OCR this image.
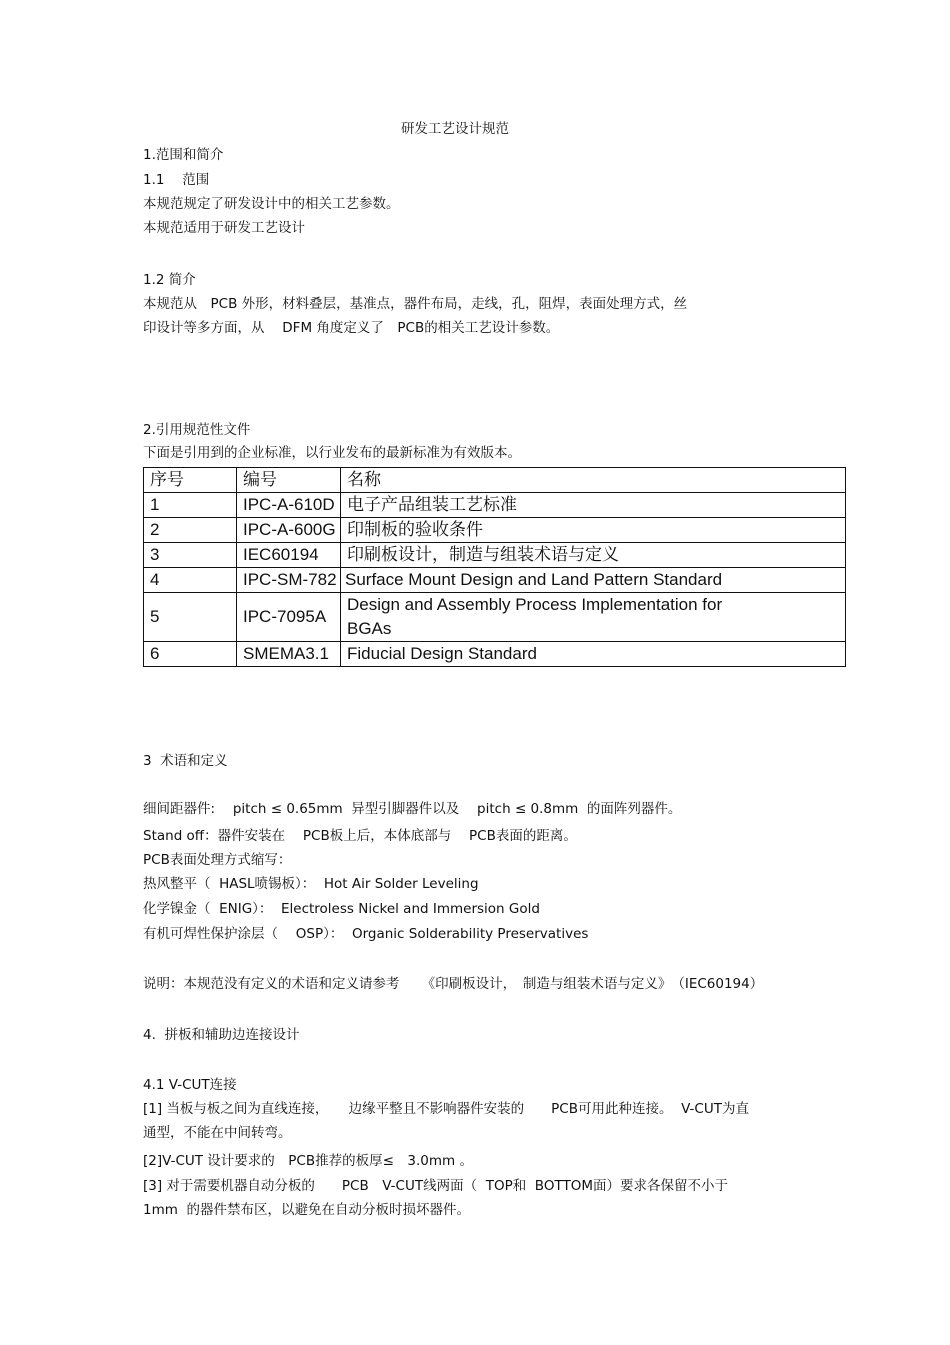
研发工艺设计规范
1.范围和简介
1.1 　范围
本规范规定了研发设计中的相关工艺参数。
本规范适用于研发工艺设计
1.2 简介
本规范从　PCB 外形，材料叠层，基准点，器件布局，走线，孔，阻焊，表面处理方式，丝
印设计等多方面，从　 DFM 角度定义了　PCB的相关工艺设计参数。
2.引用规范性文件
下面是引用到的企业标准，以行业发布的最新标准为有效版本。
序号	编号	名称
1	IPC-A-610D	电子产品组装工艺标准
2	IPC-A-600G	印制板的验收条件
3	IEC60194	印刷板设计，制造与组装术语与定义
4	IPC-SM-782	Surface Mount Design and Land Pattern Standard
5	IPC-7095A	Design and Assembly Process Implementation for BGAs
6	SMEMA3.1	Fiducial Design Standard
3  术语和定义
细间距器件:　 pitch ≤ 0.65mm  异型引脚器件以及　 pitch ≤ 0.8mm  的面阵列器件。
Stand off：器件安装在　 PCB板上后，本体底部与　 PCB表面的距离。
PCB表面处理方式缩写：
热风整平（  HASL喷锡板）：  Hot Air Solder Leveling
化学镍金（  ENIG）：  Electroless Nickel and Immersion Gold
有机可焊性保护涂层（　 OSP）：  Organic Solderability Preservatives
说明：本规范没有定义的术语和定义请参考　  《印刷板设计，　制造与组装术语与定义》　（IEC60194）
4.  拼板和辅助边连接设计
4.1 V-CUT连接
[1] 当板与板之间为直线连接，　　边缘平整且不影响器件安装的　　PCB可用此种连接。  V-CUT为直
通型，不能在中间转弯。
[2]V-CUT 设计要求的　PCB推荐的板厚≤　3.0mm 。
[3] 对于需要机器自动分板的　　PCB　V-CUT线两面（  TOP和  BOTTOM面）要求各保留不小于
1mm  的器件禁布区，以避免在自动分板时损坏器件。
